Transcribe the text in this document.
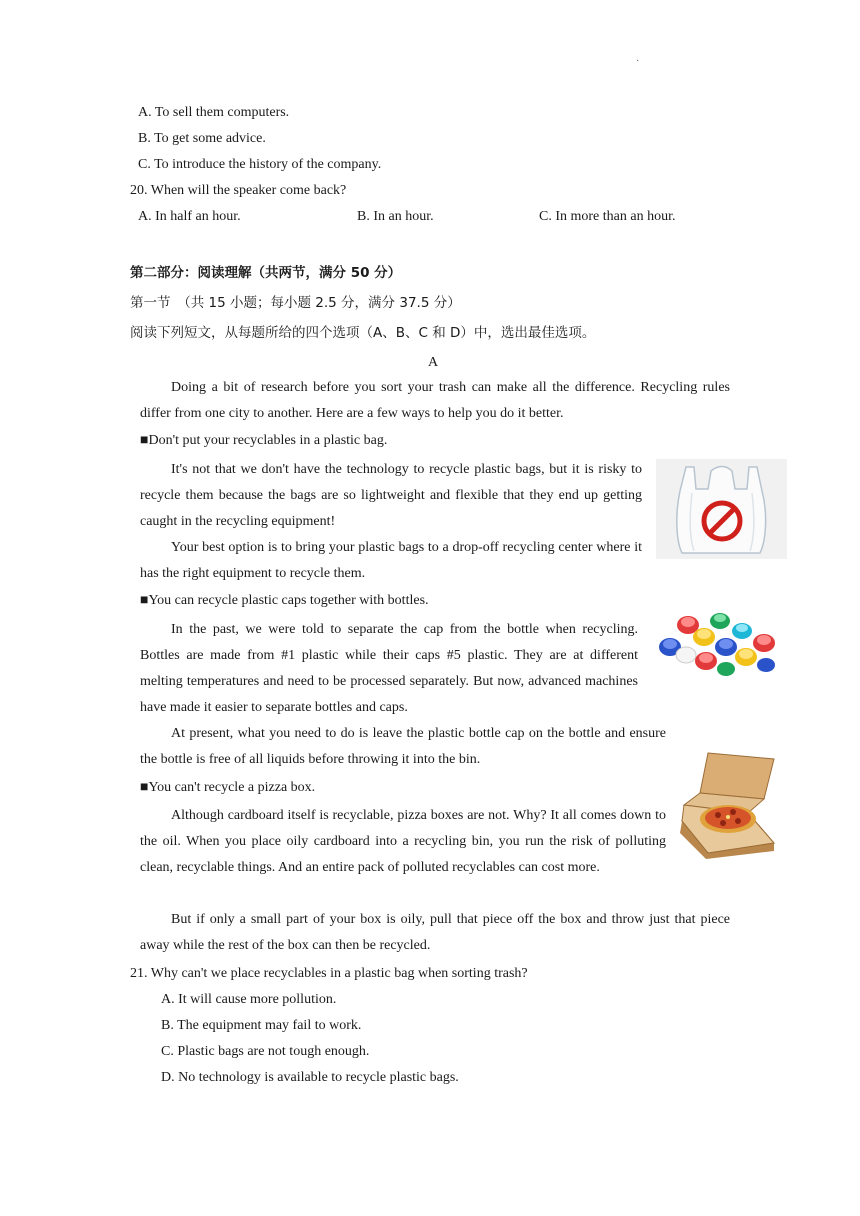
·
A. To sell them computers.
B. To get some advice.
C. To introduce the history of the company.
20. When will the speaker come back?
A. In half an hour.	B. In an hour.	C. In more than an hour.
第二部分：阅读理解（共两节，满分 50 分）
第一节　（共 15 小题；每小题 2.5 分，满分 37.5 分）
阅读下列短文，从每题所给的四个选项（A、B、C 和 D）中，选出最佳选项。
A
Doing a bit of research before you sort your trash can make all the difference. Recycling rules differ from one city to another. Here are a few ways to help you do it better.
■Don't put your recyclables in a plastic bag.
It's not that we don't have the technology to recycle plastic bags, but it is risky to recycle them because the bags are so lightweight and flexible that they end up getting caught in the recycling equipment!
Your best option is to bring your plastic bags to a drop-off recycling center where it has the right equipment to recycle them.
■You can recycle plastic caps together with bottles.
In the past, we were told to separate the cap from the bottle when recycling. Bottles are made from #1 plastic while their caps #5 plastic. They are at different melting temperatures and need to be processed separately. But now, advanced machines have made it easier to separate bottles and caps.
At present, what you need to do is leave the plastic bottle cap on the bottle and ensure the bottle is free of all liquids before throwing it into the bin.
■You can't recycle a pizza box.
Although cardboard itself is recyclable, pizza boxes are not. Why? It all comes down to the oil. When you place oily cardboard into a recycling bin, you run the risk of polluting clean, recyclable things. And an entire pack of polluted recyclables can cost more.
But if only a small part of your box is oily, pull that piece off the box and throw just that piece away while the rest of the box can then be recycled.
21. Why can't we place recyclables in a plastic bag when sorting trash?
A. It will cause more pollution.
B. The equipment may fail to work.
C. Plastic bags are not tough enough.
D. No technology is available to recycle plastic bags.
